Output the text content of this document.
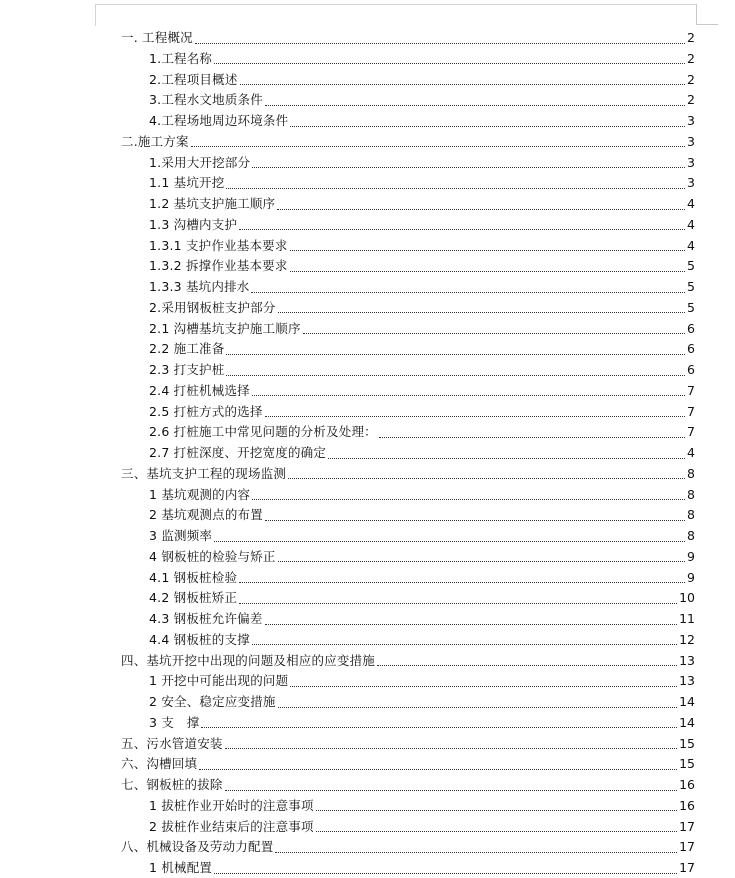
一. 工程概况	2
1.工程名称	2
2.工程项目概述	2
3.工程水文地质条件	2
4.工程场地周边环境条件	3
二.施工方案	3
1.采用大开挖部分	3
1.1 基坑开挖	3
1.2 基坑支护施工顺序	4
1.3 沟槽内支护	4
1.3.1 支护作业基本要求	4
1.3.2 拆撑作业基本要求	5
1.3.3 基坑内排水	5
2.采用钢板桩支护部分	5
2.1 沟槽基坑支护施工顺序	6
2.2 施工准备	6
2.3 打支护桩	6
2.4 打桩机械选择	7
2.5 打桩方式的选择	7
2.6 打桩施工中常见问题的分析及处理：	7
2.7 打桩深度、开挖宽度的确定	4
三、基坑支护工程的现场监测	8
1 基坑观测的内容	8
2 基坑观测点的布置	8
3 监测频率	8
4 钢板桩的检验与矫正	9
4.1 钢板桩检验	9
4.2 钢板桩矫正	10
4.3 钢板桩允许偏差	11
4.4 钢板桩的支撑	12
四、基坑开挖中出现的问题及相应的应变措施	13
1 开挖中可能出现的问题	13
2 安全、稳定应变措施	14
3 支　撑	14
五、污水管道安装	15
六、沟槽回填	15
七、钢板桩的拔除	16
1 拔桩作业开始时的注意事项	16
2 拔桩作业结束后的注意事项	17
八、机械设备及劳动力配置	17
1 机械配置	17
